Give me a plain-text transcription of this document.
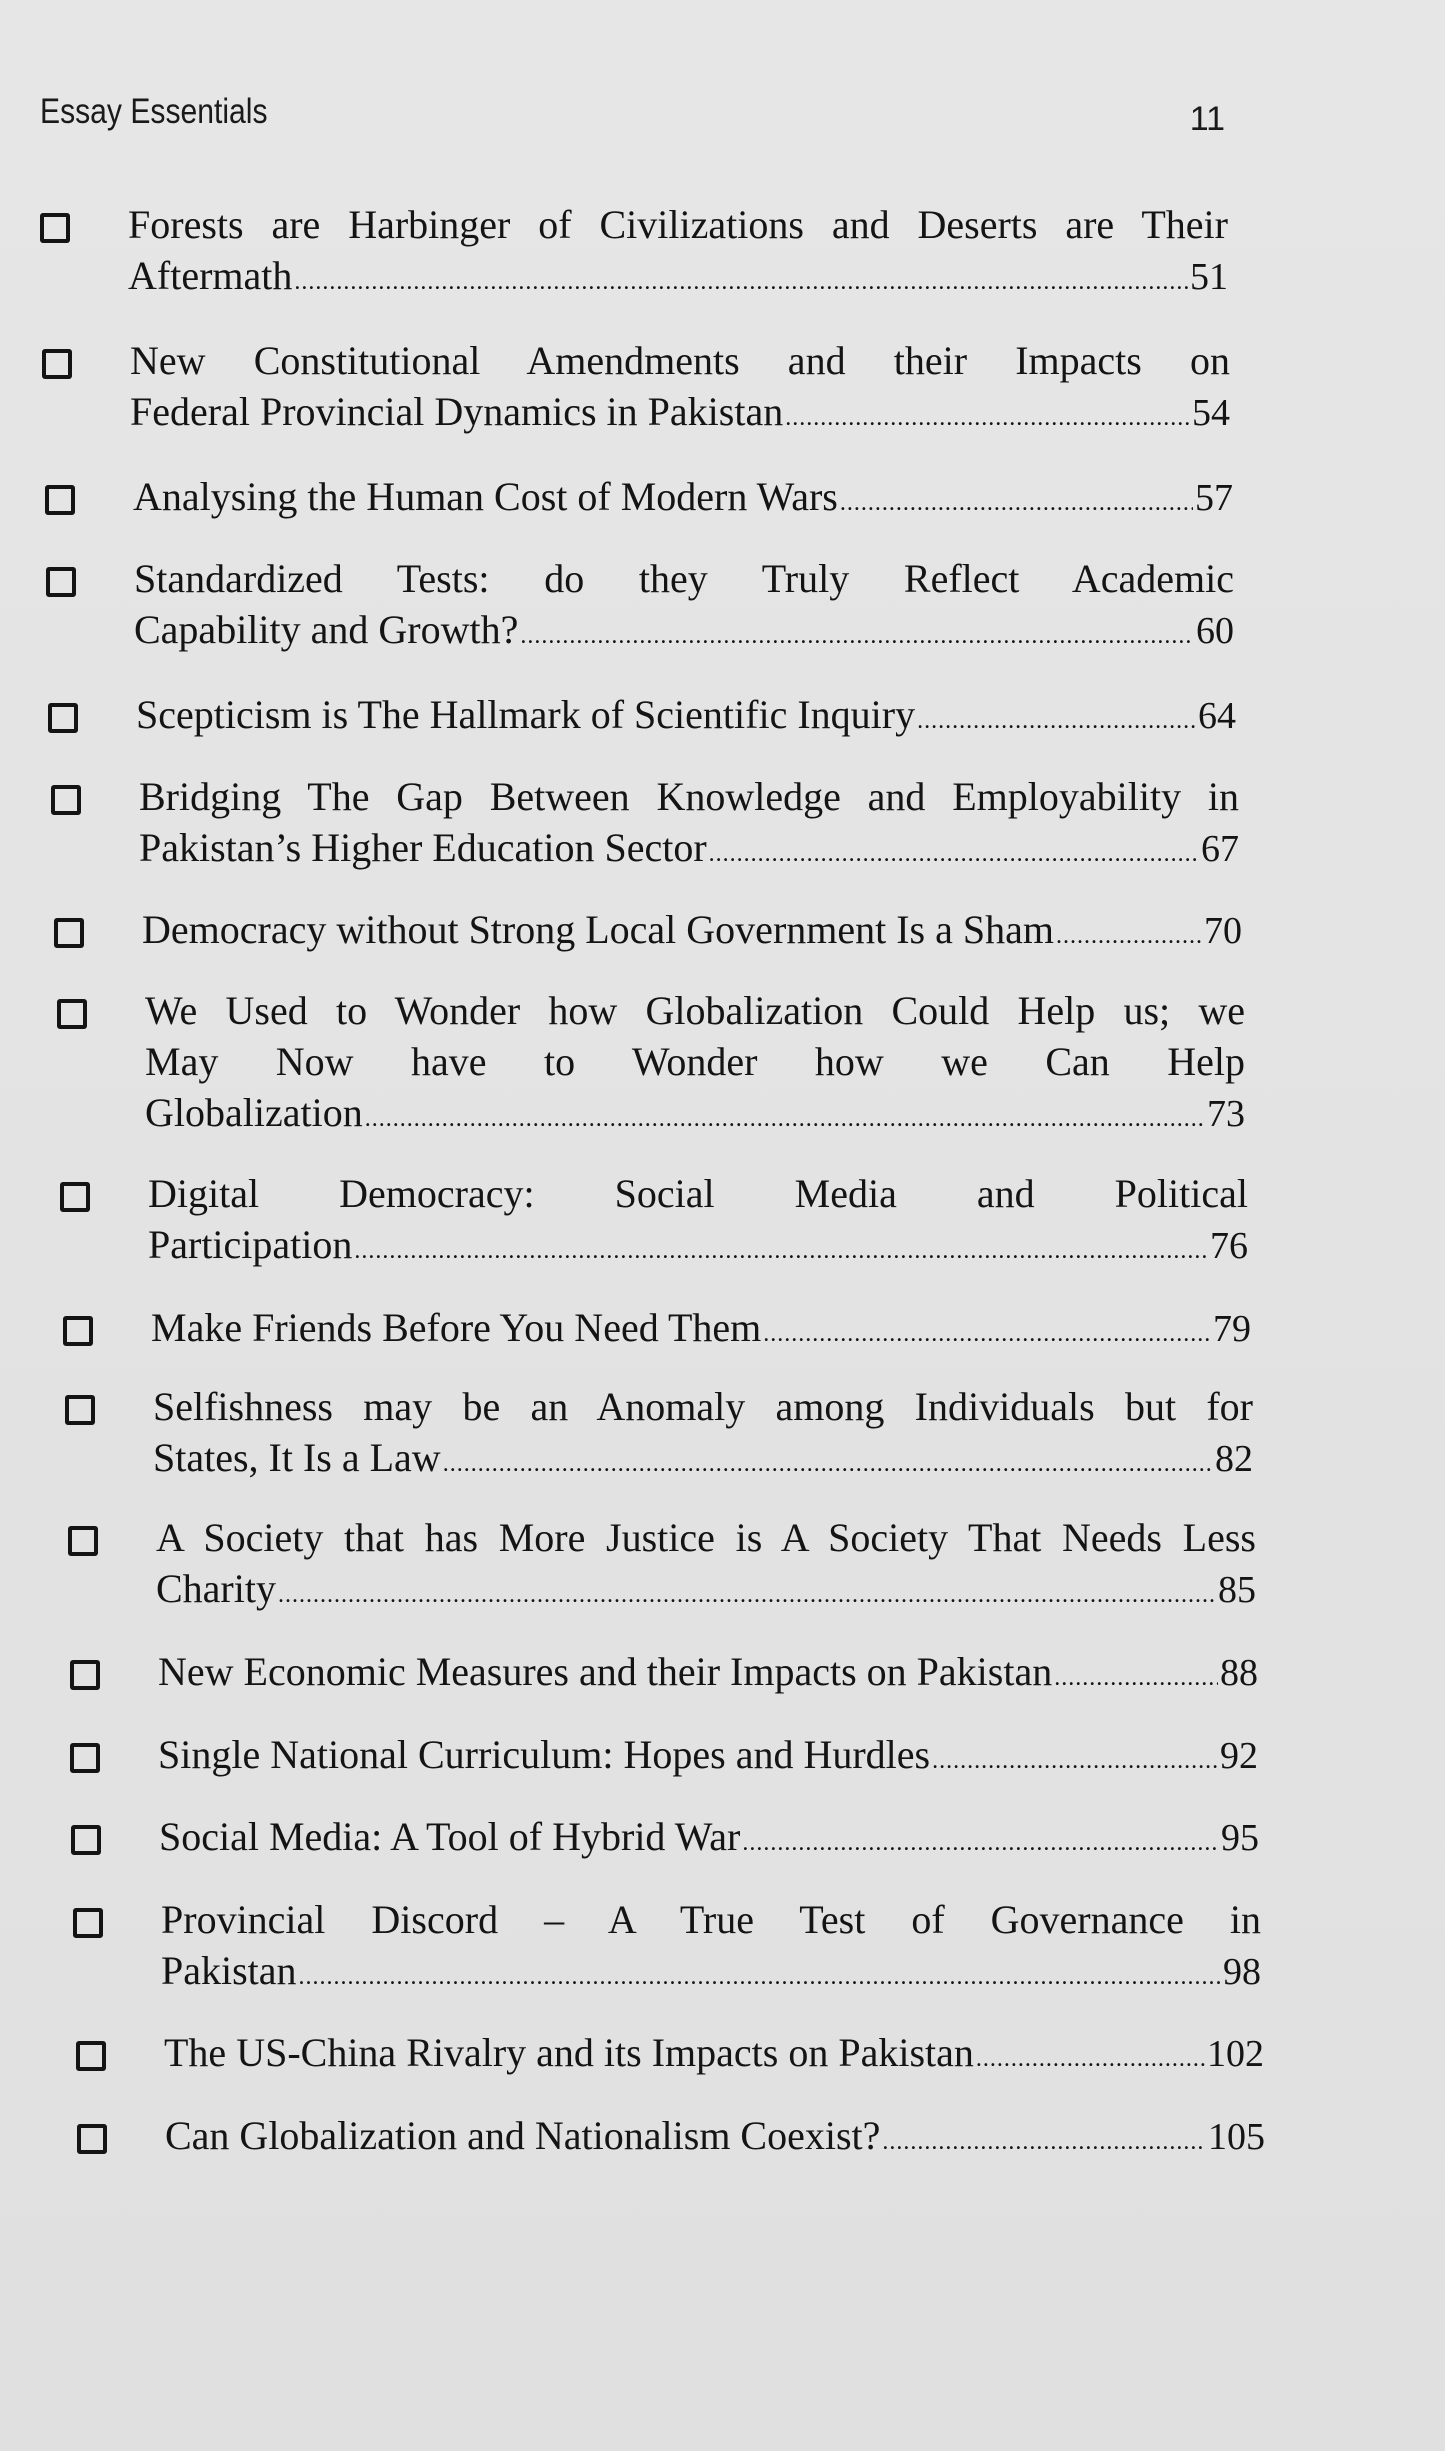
Essay Essentials	11
Forests are Harbinger of Civilizations and Deserts are Their
Aftermath .....	51
New Constitutional Amendments and their Impacts on
Federal Provincial Dynamics in Pakistan .....	54
Analysing the Human Cost of Modern Wars .....	57
Standardized Tests: do they Truly Reflect Academic
Capability and Growth? .....	60
Scepticism is The Hallmark of Scientific Inquiry .....	64
Bridging The Gap Between Knowledge and Employability in
Pakistan’s Higher Education Sector .....	67
Democracy without Strong Local Government Is a Sham .....	70
We Used to Wonder how Globalization Could Help us; we
May Now have to Wonder how we Can Help
Globalization .....	73
Digital Democracy: Social Media and Political
Participation .....	76
Make Friends Before You Need Them .....	79
Selfishness may be an Anomaly among Individuals but for
States, It Is a Law .....	82
A Society that has More Justice is A Society That Needs Less
Charity .....	85
New Economic Measures and their Impacts on Pakistan .....	88
Single National Curriculum: Hopes and Hurdles .....	92
Social Media: A Tool of Hybrid War .....	95
Provincial Discord – A True Test of Governance in
Pakistan .....	98
The US-China Rivalry and its Impacts on Pakistan .....	102
Can Globalization and Nationalism Coexist? .....	105
